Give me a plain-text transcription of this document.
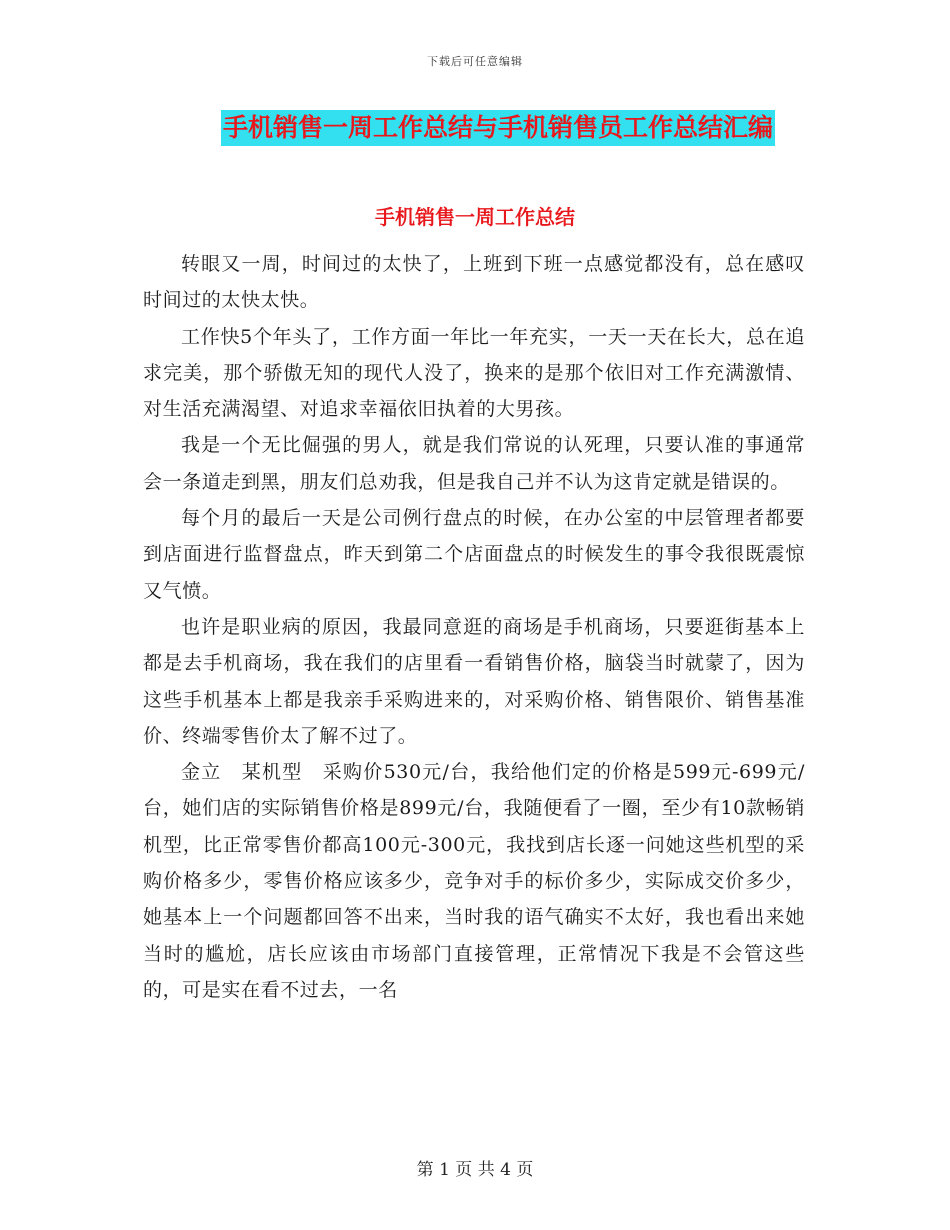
下载后可任意编辑
手机销售一周工作总结与手机销售员工作总结汇编
手机销售一周工作总结

转眼又一周，时间过的太快了，上班到下班一点感觉都没有，总在感叹时间过的太快太快。

工作快5个年头了，工作方面一年比一年充实，一天一天在长大，总在追求完美，那个骄傲无知的现代人没了，换来的是那个依旧对工作充满激情、对生活充满渴望、对追求幸福依旧执着的大男孩。

我是一个无比倔强的男人，就是我们常说的认死理，只要认准的事通常会一条道走到黑，朋友们总劝我，但是我自己并不认为这肯定就是错误的。

每个月的最后一天是公司例行盘点的时候，在办公室的中层管理者都要到店面进行监督盘点，昨天到第二个店面盘点的时候发生的事令我很既震惊又气愤。

也许是职业病的原因，我最同意逛的商场是手机商场，只要逛街基本上都是去手机商场，我在我们的店里看一看销售价格，脑袋当时就蒙了，因为这些手机基本上都是我亲手采购进来的，对采购价格、销售限价、销售基准价、终端零售价太了解不过了。

金立　某机型　采购价530元/台，我给他们定的价格是599元-699元/台，她们店的实际销售价格是899元/台，我随便看了一圈，至少有10款畅销机型，比正常零售价都高100元-300元，我找到店长逐一问她这些机型的采购价格多少，零售价格应该多少，竞争对手的标价多少，实际成交价多少，她基本上一个问题都回答不出来，当时我的语气确实不太好，我也看出来她当时的尴尬，店长应该由市场部门直接管理，正常情况下我是不会管这些的，可是实在看不过去，一名

第 1 页 共 4 页
